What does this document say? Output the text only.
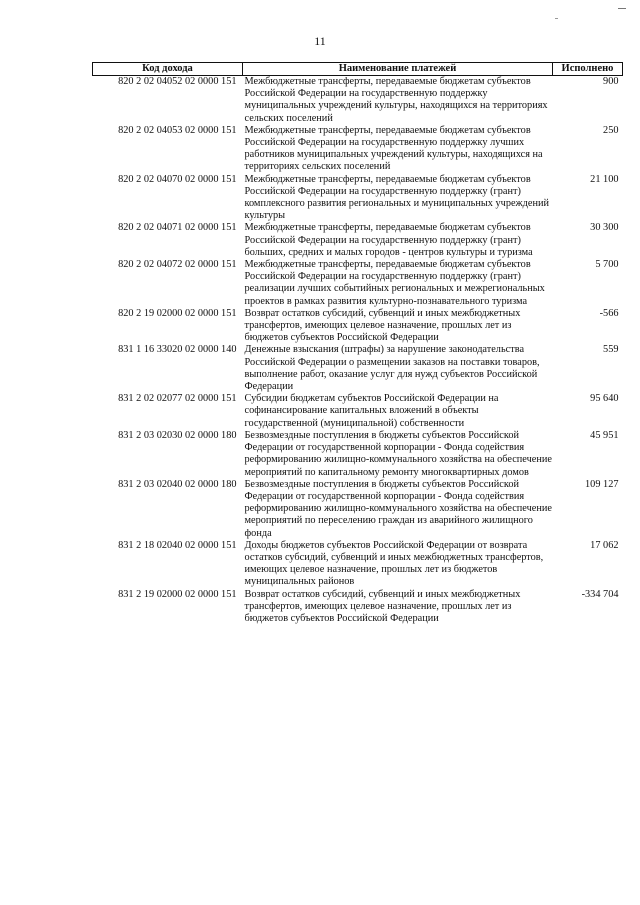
11
Код дохода	Наименование платежей	Исполнено
820 2 02 04052 02 0000 151	Межбюджетные трансферты, передаваемые бюджетам субъектов Российской Федерации на государственную поддержку муниципальных учреждений культуры, находящихся на территориях сельских поселений	900
820 2 02 04053 02 0000 151	Межбюджетные трансферты, передаваемые бюджетам субъектов Российской Федерации на государственную поддержку лучших работников муниципальных учреждений культуры, находящихся на территориях сельских поселений	250
820 2 02 04070 02 0000 151	Межбюджетные трансферты, передаваемые бюджетам субъектов Российской Федерации на государственную поддержку (грант) комплексного развития региональных и муниципальных учреждений культуры	21 100
820 2 02 04071 02 0000 151	Межбюджетные трансферты, передаваемые бюджетам субъектов Российской Федерации на государственную поддержку (грант) больших, средних и малых городов - центров культуры и туризма	30 300
820 2 02 04072 02 0000 151	Межбюджетные трансферты, передаваемые бюджетам субъектов Российской Федерации на государственную поддержку (грант) реализации лучших событийных региональных и межрегиональных проектов в рамках развития культурно-познавательного туризма	5 700
820 2 19 02000 02 0000 151	Возврат остатков субсидий, субвенций и иных межбюджетных трансфертов, имеющих целевое назначение, прошлых лет из бюджетов субъектов Российской Федерации	-566
831 1 16 33020 02 0000 140	Денежные взыскания (штрафы) за нарушение законодательства Российской Федерации о размещении заказов на поставки товаров, выполнение работ, оказание услуг для нужд субъектов Российской Федерации	559
831 2 02 02077 02 0000 151	Субсидии бюджетам субъектов Российской Федерации на софинансирование капитальных вложений в объекты государственной (муниципальной) собственности	95 640
831 2 03 02030 02 0000 180	Безвозмездные поступления в бюджеты субъектов Российской Федерации от государственной корпорации - Фонда содействия реформированию жилищно-коммунального хозяйства на обеспечение мероприятий по капитальному ремонту многоквартирных домов	45 951
831 2 03 02040 02 0000 180	Безвозмездные поступления в бюджеты субъектов Российской Федерации от государственной корпорации - Фонда содействия реформированию жилищно-коммунального хозяйства на обеспечение мероприятий по переселению граждан из аварийного жилищного фонда	109 127
831 2 18 02040 02 0000 151	Доходы бюджетов субъектов Российской Федерации от возврата остатков субсидий, субвенций и иных межбюджетных трансфертов, имеющих целевое назначение, прошлых лет из бюджетов муниципальных районов	17 062
831 2 19 02000 02 0000 151	Возврат остатков субсидий, субвенций и иных межбюджетных трансфертов, имеющих целевое назначение, прошлых лет из бюджетов субъектов Российской Федерации	-334 704
